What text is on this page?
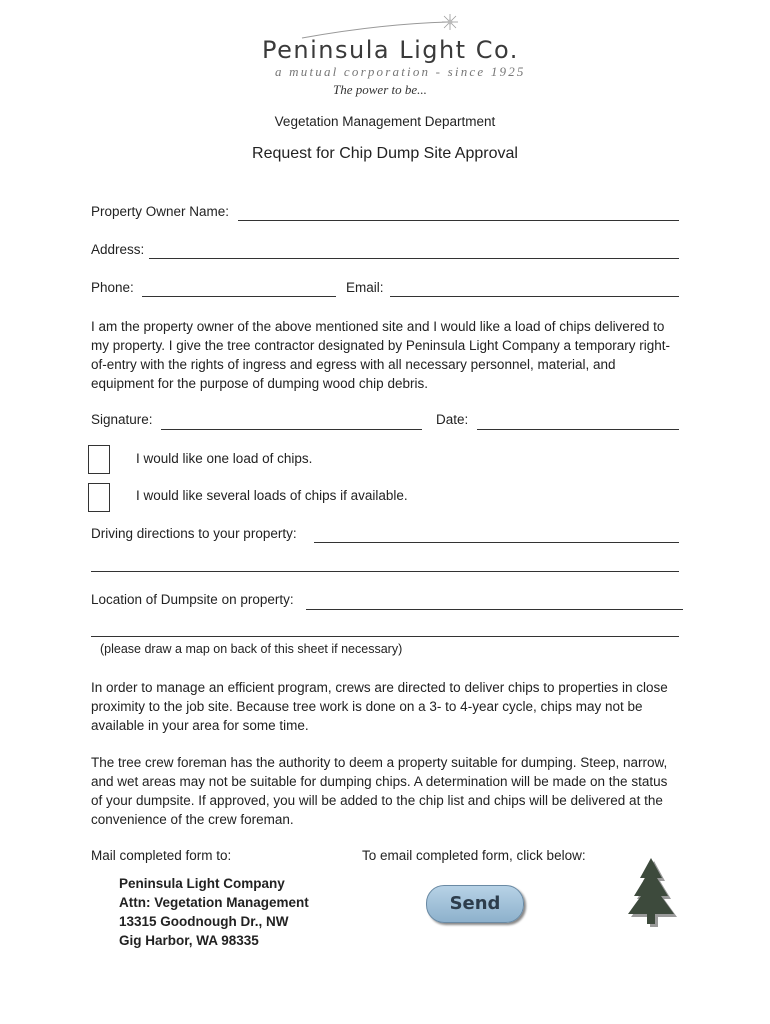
Peninsula Light Co.
a mutual corporation - since 1925
The power to be...
Vegetation Management Department
Request for Chip Dump Site Approval
Property Owner Name:
Address:
Phone:	Email:
I am the property owner of the above mentioned site and I would like a load of chips delivered to my property. I give the tree contractor designated by Peninsula Light Company a temporary right-of-entry with the rights of ingress and egress with all necessary personnel, material, and equipment for the purpose of dumping wood chip debris.
Signature:	Date:
I would like one load of chips.
I would like several loads of chips if available.
Driving directions to your property:
Location of Dumpsite on property:
(please draw a map on back of this sheet if necessary)
In order to manage an efficient program, crews are directed to deliver chips to properties in close proximity to the job site. Because tree work is done on a 3- to 4-year cycle, chips may not be available in your area for some time.
The tree crew foreman has the authority to deem a property suitable for dumping. Steep, narrow, and wet areas may not be suitable for dumping chips. A determination will be made on the status of your dumpsite. If approved, you will be added to the chip list and chips will be delivered at the convenience of the crew foreman.
Mail completed form to:	To email completed form, click below:
Peninsula Light Company
Attn: Vegetation Management
13315 Goodnough Dr., NW
Gig Harbor, WA 98335
Send
